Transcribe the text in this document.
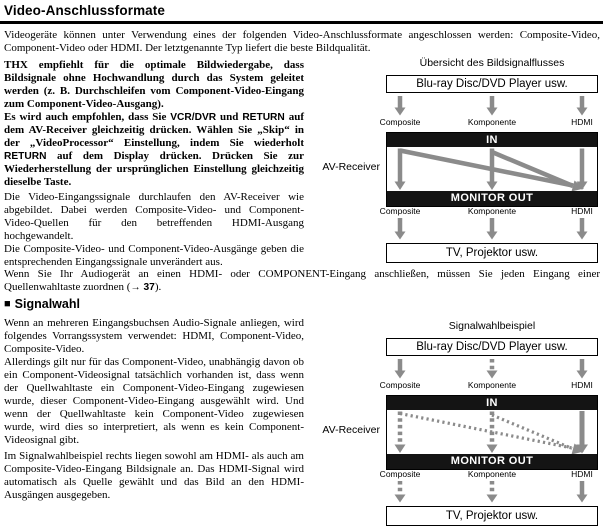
Video-Anschlussformate
Videogeräte können unter Verwendung eines der folgenden Video-Anschlussformate angeschlossen werden: Composite-Video, Component-Video oder HDMI. Der letztgenannte Typ liefert die beste Bildqualität.
THX empfiehlt für die optimale Bildwiedergabe, dass Bildsignale ohne Hochwandlung durch das System geleitet werden (z. B. Durchschleifen vom Component-Video-Eingang zum Component-Video-Ausgang).
Es wird auch empfohlen, dass Sie VCR/DVR und RETURN auf dem AV-Receiver gleichzeitig drücken. Wählen Sie „Skip“ in der „VideoProcessor“ Einstellung, indem Sie wiederholt RETURN auf dem Display drücken. Drücken Sie zur Wiederherstellung der ursprünglichen Einstellung gleichzeitig dieselbe Taste.
Die Video-Eingangssignale durchlaufen den AV-Receiver wie abgebildet. Dabei werden Composite-Video- und Component-Video-Quellen für den betreffenden HDMI-Ausgang hochgewandelt.
Die Composite-Video- und Component-Video-Ausgänge geben die entsprechenden Eingangssignale unverändert aus.
Wenn Sie Ihr Audiogerät an einen HDMI- oder COMPONENT-Eingang anschließen, müssen Sie jeden Eingang einer Quellenwahltaste zuordnen (→ 37).
■ Signalwahl
Wenn an mehreren Eingangsbuchsen Audio-Signale anliegen, wird folgendes Vorrangssystem verwendet: HDMI, Component-Video, Composite-Video.
Allerdings gilt nur für das Component-Video, unabhängig davon ob ein Component-Videosignal tatsächlich vorhanden ist, dass wenn der Quellwahltaste ein Component-Video-Eingang zugewiesen wurde, dieser Component-Video-Eingang ausgewählt wird. Und wenn der Quellwahltaste kein Component-Video zugewiesen wurde, wird dies so interpretiert, als wenn es kein Component-Videosignal gibt.
Im Signalwahlbeispiel rechts liegen sowohl am HDMI- als auch am Composite-Video-Eingang Bildsignale an. Das HDMI-Signal wird automatisch als Quelle gewählt und das Bild an den HDMI-Ausgängen ausgegeben.
Übersicht des Bildsignalflusses
Blu-ray Disc/DVD Player usw.
Composite	Komponente	HDMI
IN
MONITOR OUT
AV-Receiver
Composite	Komponente	HDMI
TV, Projektor usw.
Signalwahlbeispiel
Blu-ray Disc/DVD Player usw.
Composite	Komponente	HDMI
IN
MONITOR OUT
AV-Receiver
Composite	Komponente	HDMI
TV, Projektor usw.
